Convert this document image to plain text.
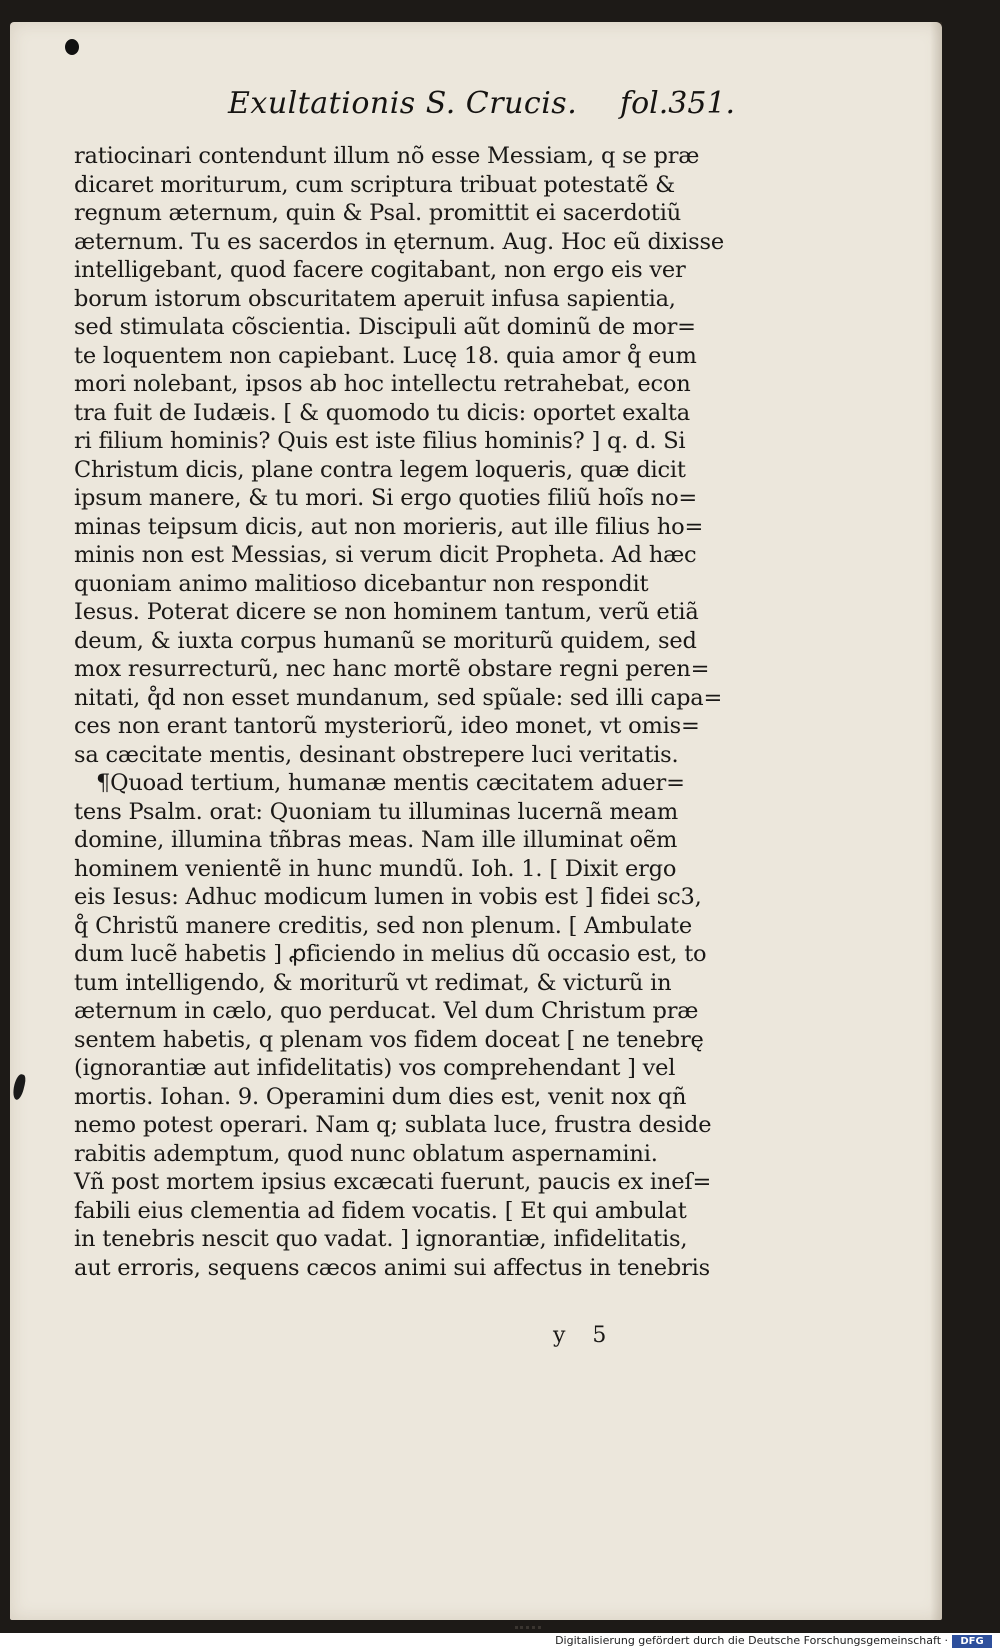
Exultationis S. Crucis.	fol.351.
ratiocinari contendunt illum nõ esse Messiam, q se præ
dicaret moriturum, cum scriptura tribuat potestatẽ &
regnum æternum, quin & Psal. promittit ei sacerdotiũ
æternum. Tu es sacerdos in ęternum. Aug. Hoc eũ dixisse
intelligebant, quod facere cogitabant, non ergo eis ver
borum istorum obscuritatem aperuit infusa sapientia,
sed stimulata cõscientia. Discipuli aũt dominũ de mor=
te loquentem non capiebant. Lucę 18. quia amor q̊ eum
mori nolebant, ipsos ab hoc intellectu retrahebat, econ
tra fuit de Iudæis. [ & quomodo tu dicis: oportet exalta
ri filium hominis? Quis est iste filius hominis? ] q. d. Si
Christum dicis, plane contra legem loqueris, quæ dicit
ipsum manere, & tu mori. Si ergo quoties filiũ hoĩs no=
minas teipsum dicis, aut non morieris, aut ille filius ho=
minis non est Messias, si verum dicit Propheta. Ad hæc
quoniam animo malitioso dicebantur non respondit
Iesus. Poterat dicere se non hominem tantum, verũ etiã
deum, & iuxta corpus humanũ se moriturũ quidem, sed
mox resurrecturũ, nec hanc mortẽ obstare regni peren=
nitati, q̊d non esset mundanum, sed spũale: sed illi capa=
ces non erant tantorũ mysteriorũ, ideo monet, vt omis=
sa cæcitate mentis, desinant obstrepere luci veritatis.
¶Quoad tertium, humanæ mentis cæcitatem aduer=
tens Psalm. orat: Quoniam tu illuminas lucernã meam
domine, illumina tñbras meas. Nam ille illuminat oẽm
hominem venientẽ in hunc mundũ. Ioh. 1. [ Dixit ergo
eis Iesus: Adhuc modicum lumen in vobis est ] fidei sc3,
q̊ Christũ manere creditis, sed non plenum. [ Ambulate
dum lucẽ habetis ] ꝓficiendo in melius dũ occasio est, to
tum intelligendo, & moriturũ vt redimat, & victurũ in
æternum in cælo, quo perducat. Vel dum Christum præ
sentem habetis, q plenam vos fidem doceat [ ne tenebrę
(ignorantiæ aut infidelitatis) vos comprehendant ] vel
mortis. Iohan. 9. Operamini dum dies est, venit nox qñ
nemo potest operari. Nam q; sublata luce, frustra deside
rabitis ademptum, quod nunc oblatum aspernamini.
Vñ post mortem ipsius excæcati fuerunt, paucis ex ineſ=
fabili eius clementia ad fidem vocatis. [ Et qui ambulat
in tenebris nescit quo vadat. ] ignorantiæ, infidelitatis,
aut erroris, sequens cæcos animi sui affectus in tenebris
y 5
Digitalisierung gefördert durch die Deutsche Forschungsgemeinschaft ·	DFG
